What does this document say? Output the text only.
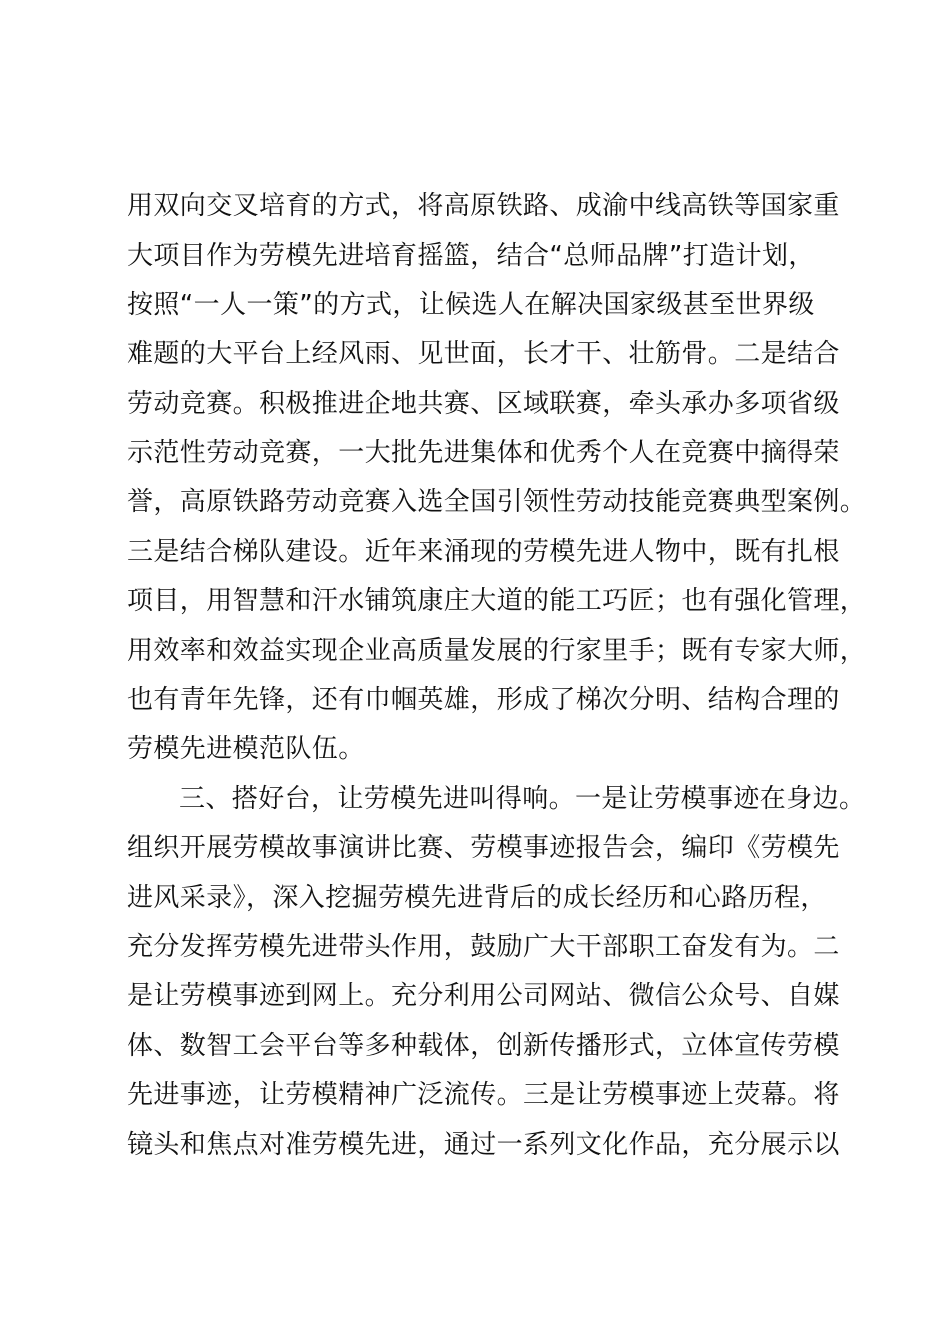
用双向交叉培育的方式，将高原铁路、成渝中线高铁等国家重
大项目作为劳模先进培育摇篮，结合“总师品牌”打造计划，
按照“一人一策”的方式，让候选人在解决国家级甚至世界级
难题的大平台上经风雨、见世面，长才干、壮筋骨。二是结合
劳动竞赛。积极推进企地共赛、区域联赛，牵头承办多项省级
示范性劳动竞赛，一大批先进集体和优秀个人在竞赛中摘得荣
誉，高原铁路劳动竞赛入选全国引领性劳动技能竞赛典型案例。
三是结合梯队建设。近年来涌现的劳模先进人物中，既有扎根
项目，用智慧和汗水铺筑康庄大道的能工巧匠；也有强化管理，
用效率和效益实现企业高质量发展的行家里手；既有专家大师，
也有青年先锋，还有巾帼英雄，形成了梯次分明、结构合理的
劳模先进模范队伍。
三、搭好台，让劳模先进叫得响。一是让劳模事迹在身边。
组织开展劳模故事演讲比赛、劳模事迹报告会，编印《劳模先
进风采录》，深入挖掘劳模先进背后的成长经历和心路历程，
充分发挥劳模先进带头作用，鼓励广大干部职工奋发有为。二
是让劳模事迹到网上。充分利用公司网站、微信公众号、自媒
体、数智工会平台等多种载体，创新传播形式，立体宣传劳模
先进事迹，让劳模精神广泛流传。三是让劳模事迹上荧幕。将
镜头和焦点对准劳模先进，通过一系列文化作品，充分展示以
